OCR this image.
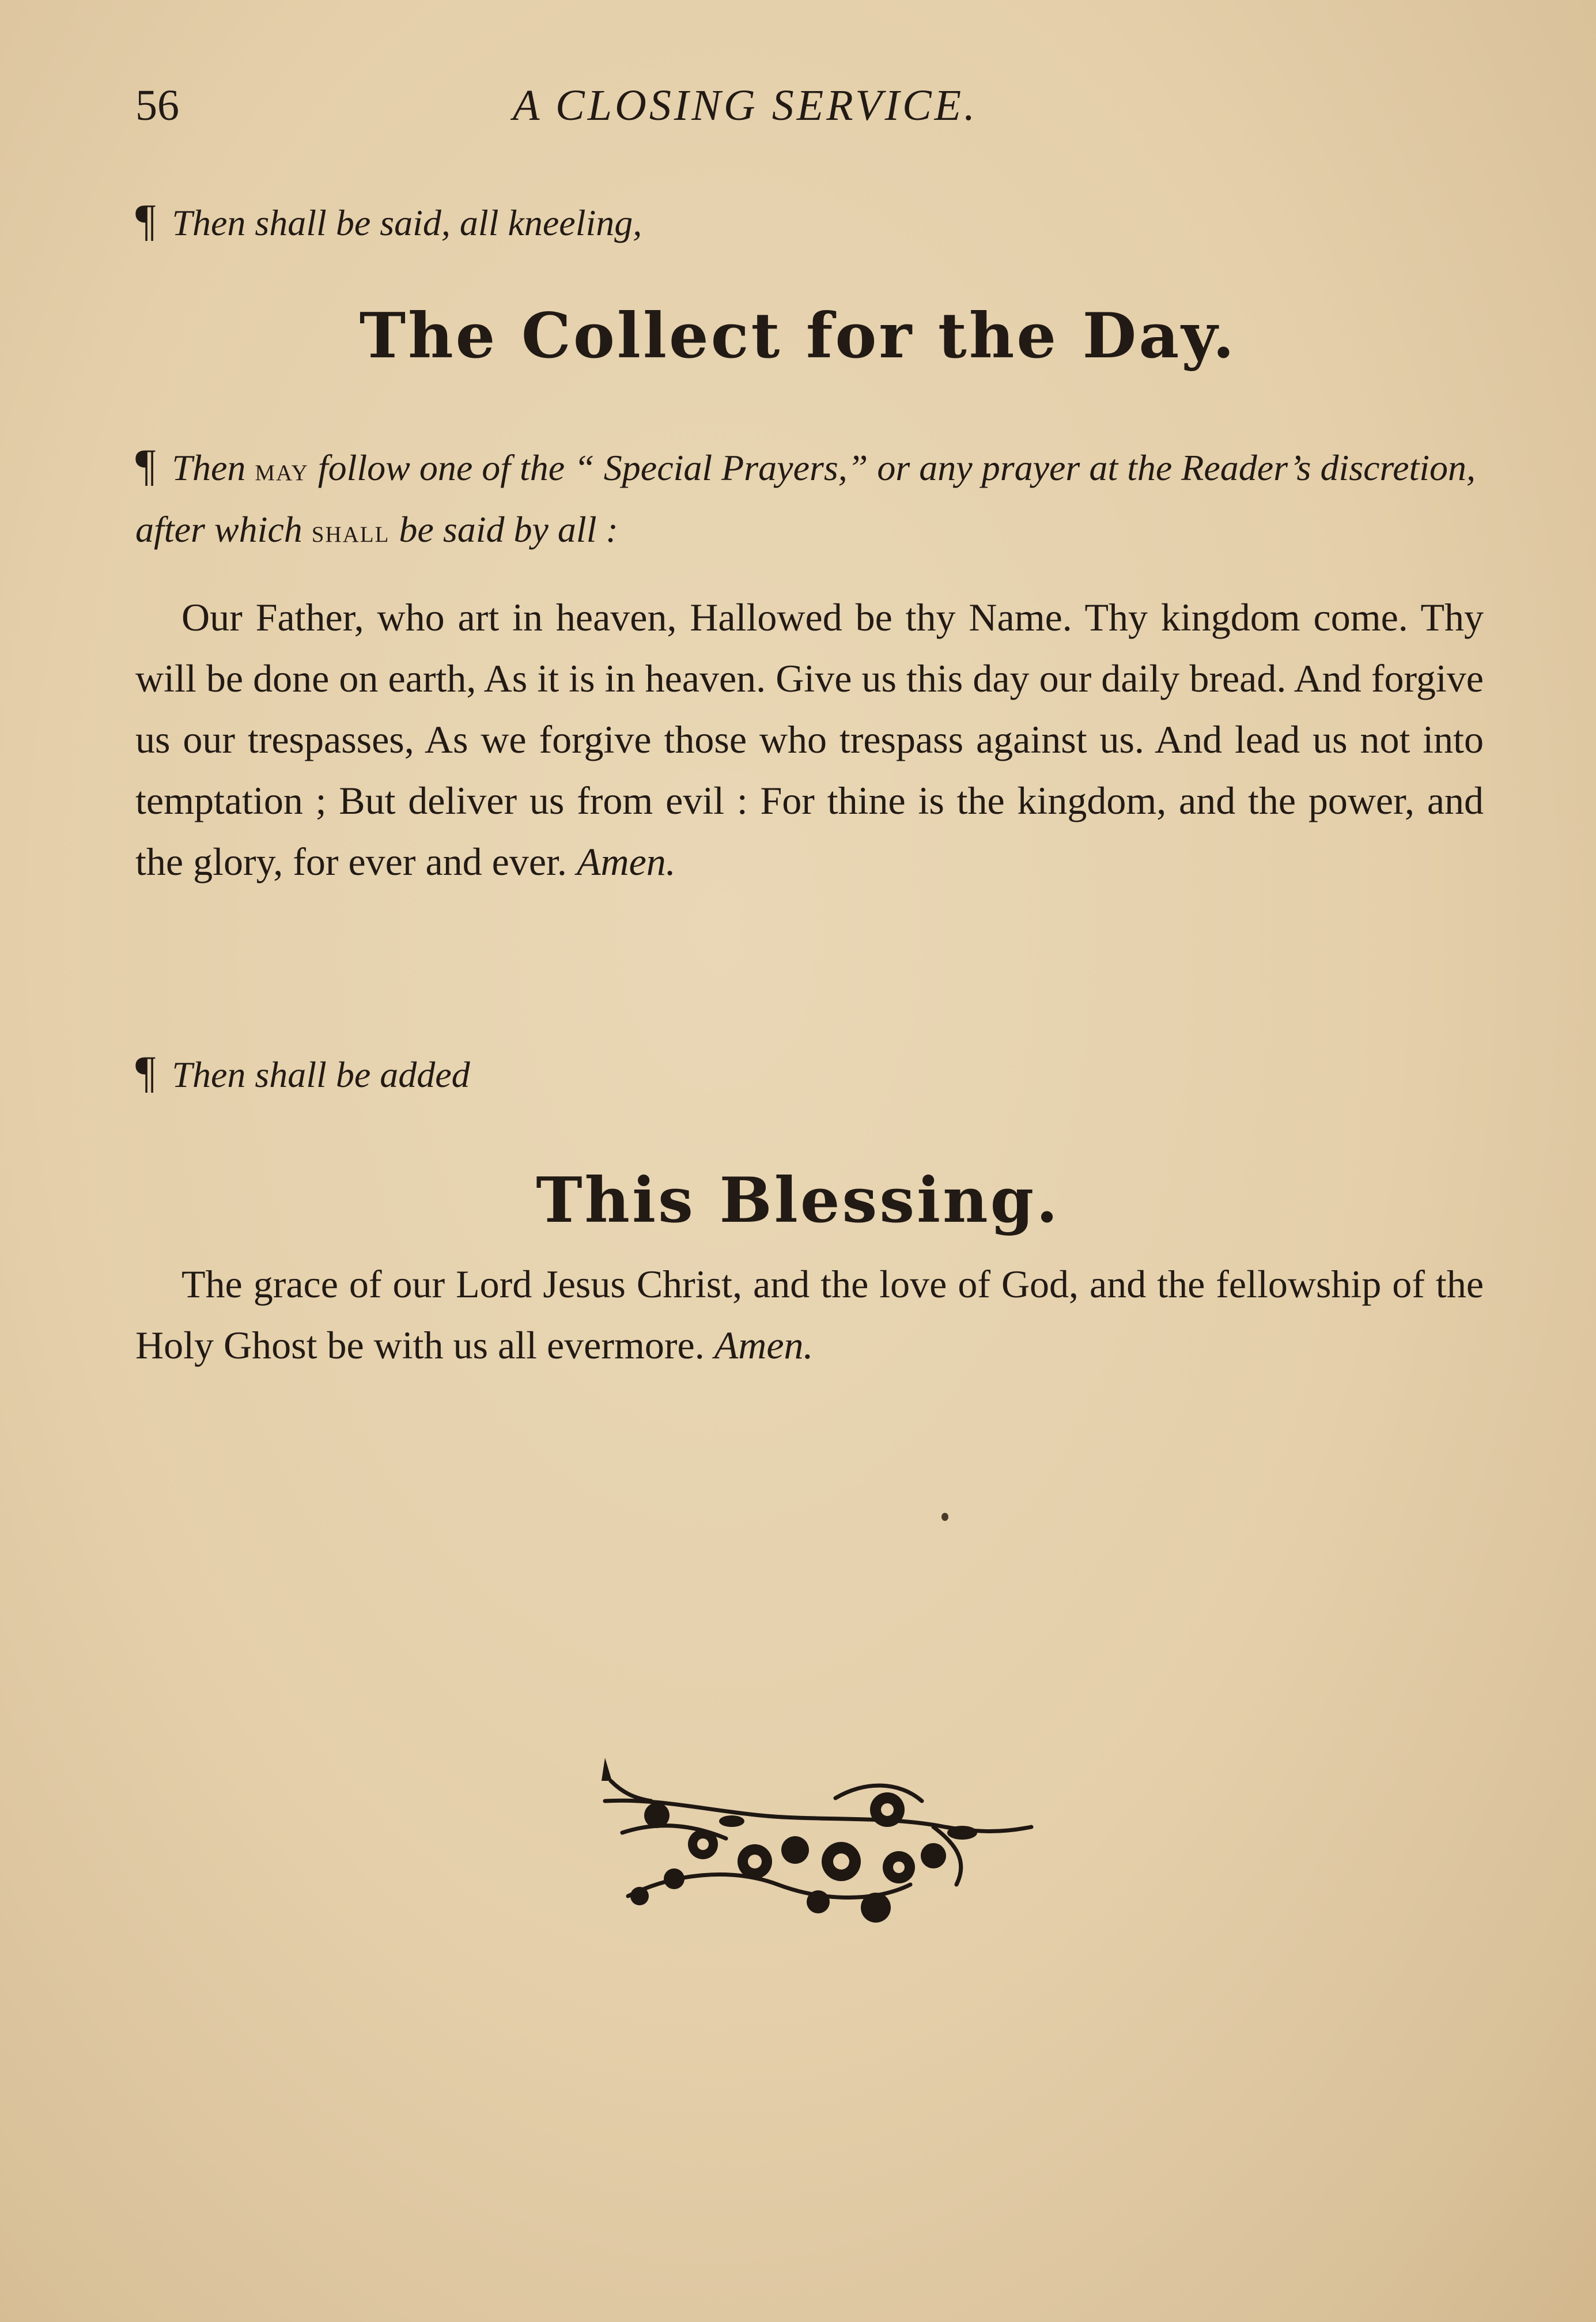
56	A CLOSING SERVICE.
¶ Then shall be said, all kneeling,
The Collect for the Day.
¶ Then may follow one of the “ Special Prayers,” or any prayer at the Reader’s discretion, after which shall be said by all :

Our Father, who art in heaven, Hallowed be thy Name. Thy kingdom come. Thy will be done on earth, As it is in heaven. Give us this day our daily bread. And forgive us our trespasses, As we forgive those who trespass against us. And lead us not into temptation ; But deliver us from evil : For thine is the kingdom, and the power, and the glory, for ever and ever. Amen.

¶ Then shall be added
This Blessing.

The grace of our Lord Jesus Christ, and the love of God, and the fellowship of the Holy Ghost be with us all evermore. Amen.
